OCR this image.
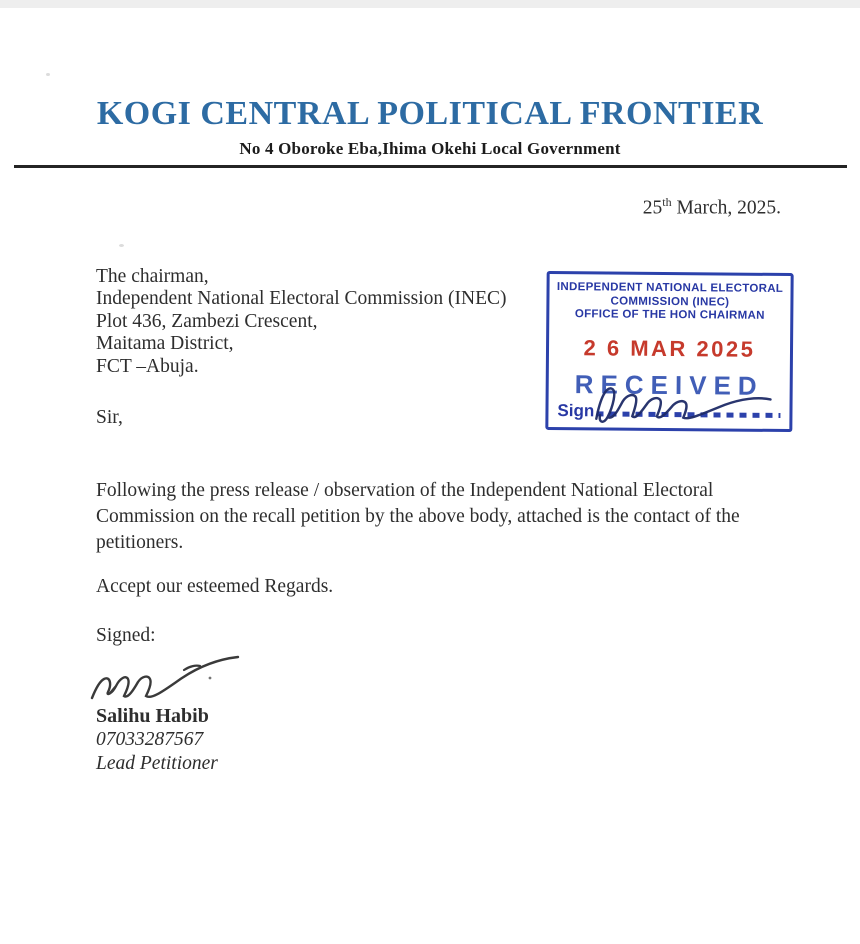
KOGI CENTRAL POLITICAL FRONTIER
No 4 Oboroke Eba,Ihima Okehi Local Government
25th March, 2025.
The chairman,
Independent National Electoral Commission (INEC)
Plot 436, Zambezi Crescent,
Maitama District,
FCT –Abuja.
Sir,
INDEPENDENT NATIONAL ELECTORAL
COMMISSION (INEC)
OFFICE OF THE HON CHAIRMAN
2 6 MAR 2025
RECEIVED
Sign
Following the press release / observation of the Independent National Electoral Commission on the recall petition by the above body, attached is the contact of the petitioners.
Accept our esteemed Regards.
Signed:
Salihu Habib
07033287567
Lead Petitioner
